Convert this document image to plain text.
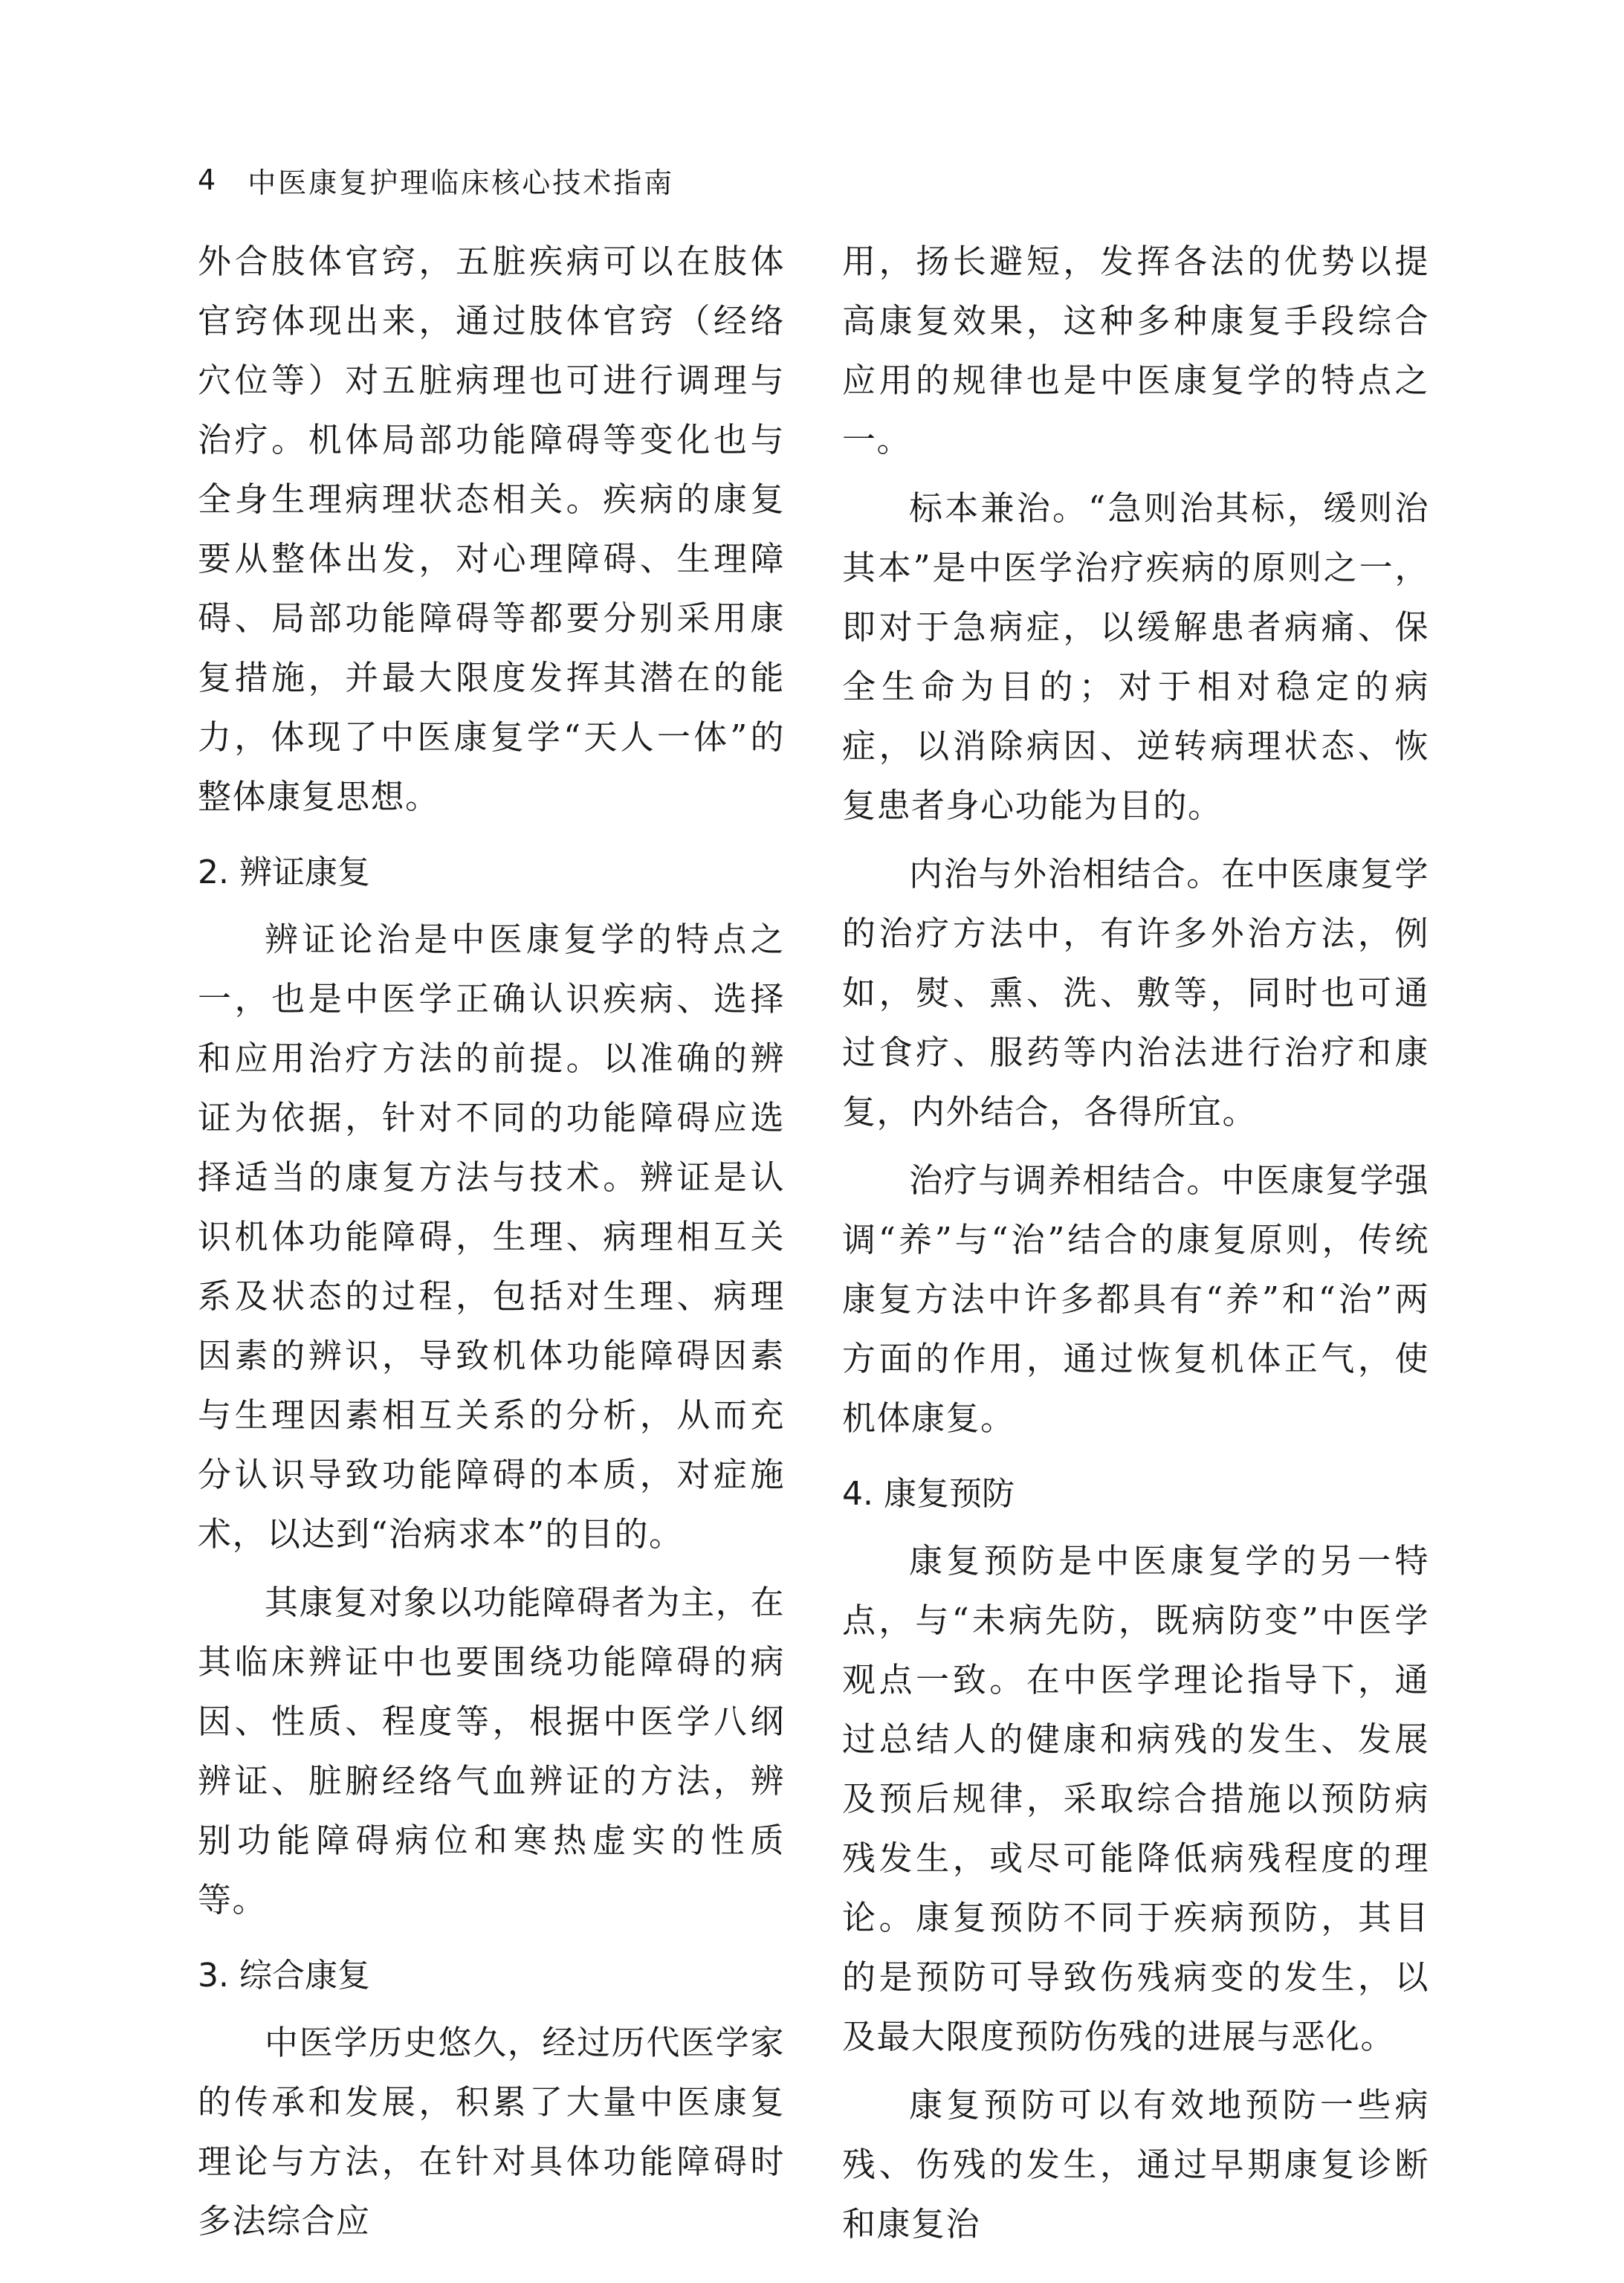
4 中医康复护理临床核心技术指南

外合肢体官窍，五脏疾病可以在肢体官窍体现出来，通过肢体官窍（经络穴位等）对五脏病理也可进行调理与治疗。机体局部功能障碍等变化也与全身生理病理状态相关。疾病的康复要从整体出发，对心理障碍、生理障碍、局部功能障碍等都要分别采用康复措施，并最大限度发挥其潜在的能力，体现了中医康复学“天人一体”的整体康复思想。

2. 辨证康复

辨证论治是中医康复学的特点之一，也是中医学正确认识疾病、选择和应用治疗方法的前提。以准确的辨证为依据，针对不同的功能障碍应选择适当的康复方法与技术。辨证是认识机体功能障碍，生理、病理相互关系及状态的过程，包括对生理、病理因素的辨识，导致机体功能障碍因素与生理因素相互关系的分析，从而充分认识导致功能障碍的本质，对症施术，以达到“治病求本”的目的。

其康复对象以功能障碍者为主，在其临床辨证中也要围绕功能障碍的病因、性质、程度等，根据中医学八纲辨证、脏腑经络气血辨证的方法，辨别功能障碍病位和寒热虚实的性质等。

3. 综合康复

中医学历史悠久，经过历代医学家的传承和发展，积累了大量中医康复理论与方法，在针对具体功能障碍时多法综合应

用，扬长避短，发挥各法的优势以提高康复效果，这种多种康复手段综合应用的规律也是中医康复学的特点之一。

标本兼治。“急则治其标，缓则治其本”是中医学治疗疾病的原则之一，即对于急病症，以缓解患者病痛、保全生命为目的；对于相对稳定的病症，以消除病因、逆转病理状态、恢复患者身心功能为目的。

内治与外治相结合。在中医康复学的治疗方法中，有许多外治方法，例如，熨、熏、洗、敷等，同时也可通过食疗、服药等内治法进行治疗和康复，内外结合，各得所宜。

治疗与调养相结合。中医康复学强调“养”与“治”结合的康复原则，传统康复方法中许多都具有“养”和“治”两方面的作用，通过恢复机体正气，使机体康复。

4. 康复预防

康复预防是中医康复学的另一特点，与“未病先防，既病防变”中医学观点一致。在中医学理论指导下，通过总结人的健康和病残的发生、发展及预后规律，采取综合措施以预防病残发生，或尽可能降低病残程度的理论。康复预防不同于疾病预防，其目的是预防可导致伤残病变的发生，以及最大限度预防伤残的进展与恶化。

康复预防可以有效地预防一些病残、伤残的发生，通过早期康复诊断和康复治
